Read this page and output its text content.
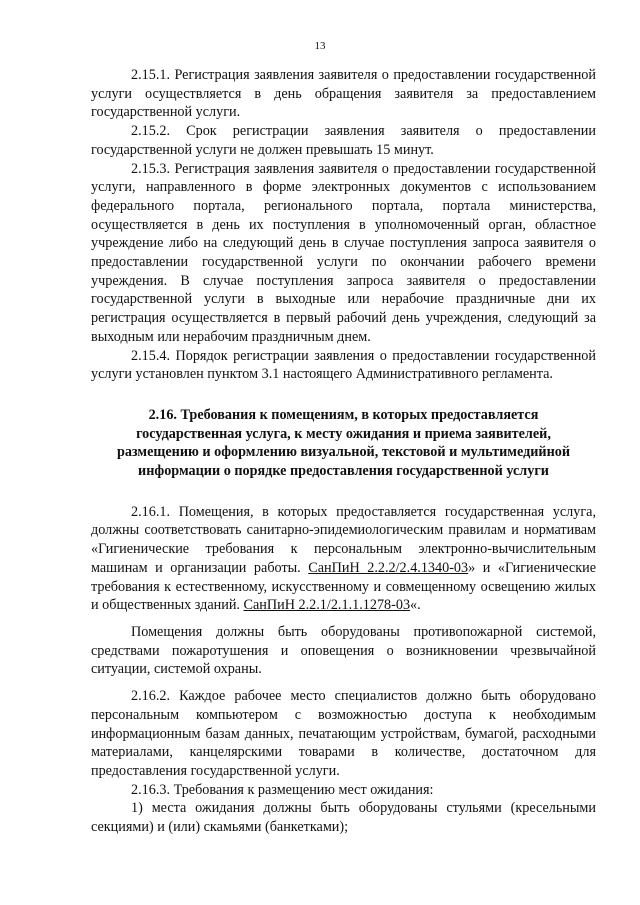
13

2.15.1. Регистрация заявления заявителя о предоставлении государственной услуги осуществляется в день обращения заявителя за предоставлением государственной услуги.

2.15.2. Срок регистрации заявления заявителя о предоставлении государственной услуги не должен превышать 15 минут.

2.15.3. Регистрация заявления заявителя о предоставлении государственной услуги, направленного в форме электронных документов с использованием федерального портала, регионального портала, портала министерства, осуществляется в день их поступления в уполномоченный орган, областное учреждение либо на следующий день в случае поступления запроса заявителя о предоставлении государственной услуги по окончании рабочего времени учреждения. В случае поступления запроса заявителя о предоставлении государственной услуги в выходные или нерабочие праздничные дни их регистрация осуществляется в первый рабочий день учреждения, следующий за выходным или нерабочим праздничным днем.

2.15.4. Порядок регистрации заявления о предоставлении государственной услуги установлен пунктом 3.1 настоящего Административного регламента.

2.16. Требования к помещениям, в которых предоставляется государственная услуга, к месту ожидания и приема заявителей, размещению и оформлению визуальной, текстовой и мультимедийной информации о порядке предоставления государственной услуги

2.16.1. Помещения, в которых предоставляется государственная услуга, должны соответствовать санитарно-эпидемиологическим правилам и нормативам «Гигиенические требования к персональным электронно-вычислительным машинам и организации работы. СанПиН 2.2.2/2.4.1340-03» и «Гигиенические требования к естественному, искусственному и совмещенному освещению жилых и общественных зданий. СанПиН 2.2.1/2.1.1.1278-03«.

Помещения должны быть оборудованы противопожарной системой, средствами пожаротушения и оповещения о возникновении чрезвычайной ситуации, системой охраны.

2.16.2. Каждое рабочее место специалистов должно быть оборудовано персональным компьютером с возможностью доступа к необходимым информационным базам данных, печатающим устройствам, бумагой, расходными материалами, канцелярскими товарами в количестве, достаточном для предоставления государственной услуги.

2.16.3. Требования к размещению мест ожидания:

1) места ожидания должны быть оборудованы стульями (кресельными секциями) и (или) скамьями (банкетками);
